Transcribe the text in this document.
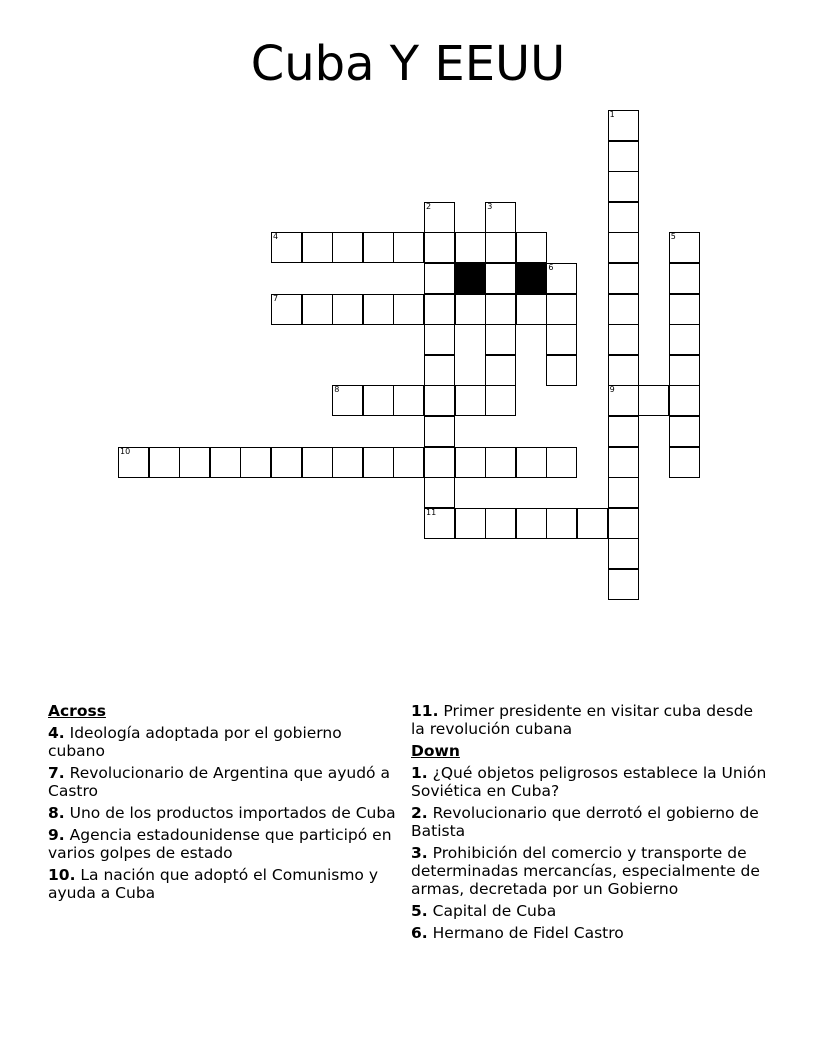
Cuba Y EEUU
1
9
2
11
3
5
6
4
7
8
10
Across
4. Ideología adoptada por el gobierno cubano
7. Revolucionario de Argentina que ayudó a Castro
8. Uno de los productos importados de Cuba
9. Agencia estadounidense que participó en varios golpes de estado
10. La nación que adoptó el Comunismo y ayuda a Cuba
11. Primer presidente en visitar cuba desde la revolución cubana
Down
1. ¿Qué objetos peligrosos establece la Unión Soviética en Cuba?
2. Revolucionario que derrotó el gobierno de Batista
3. Prohibición del comercio y transporte de determinadas mercancías, especialmente de armas, decretada por un Gobierno
5. Capital de Cuba
6. Hermano de Fidel Castro
